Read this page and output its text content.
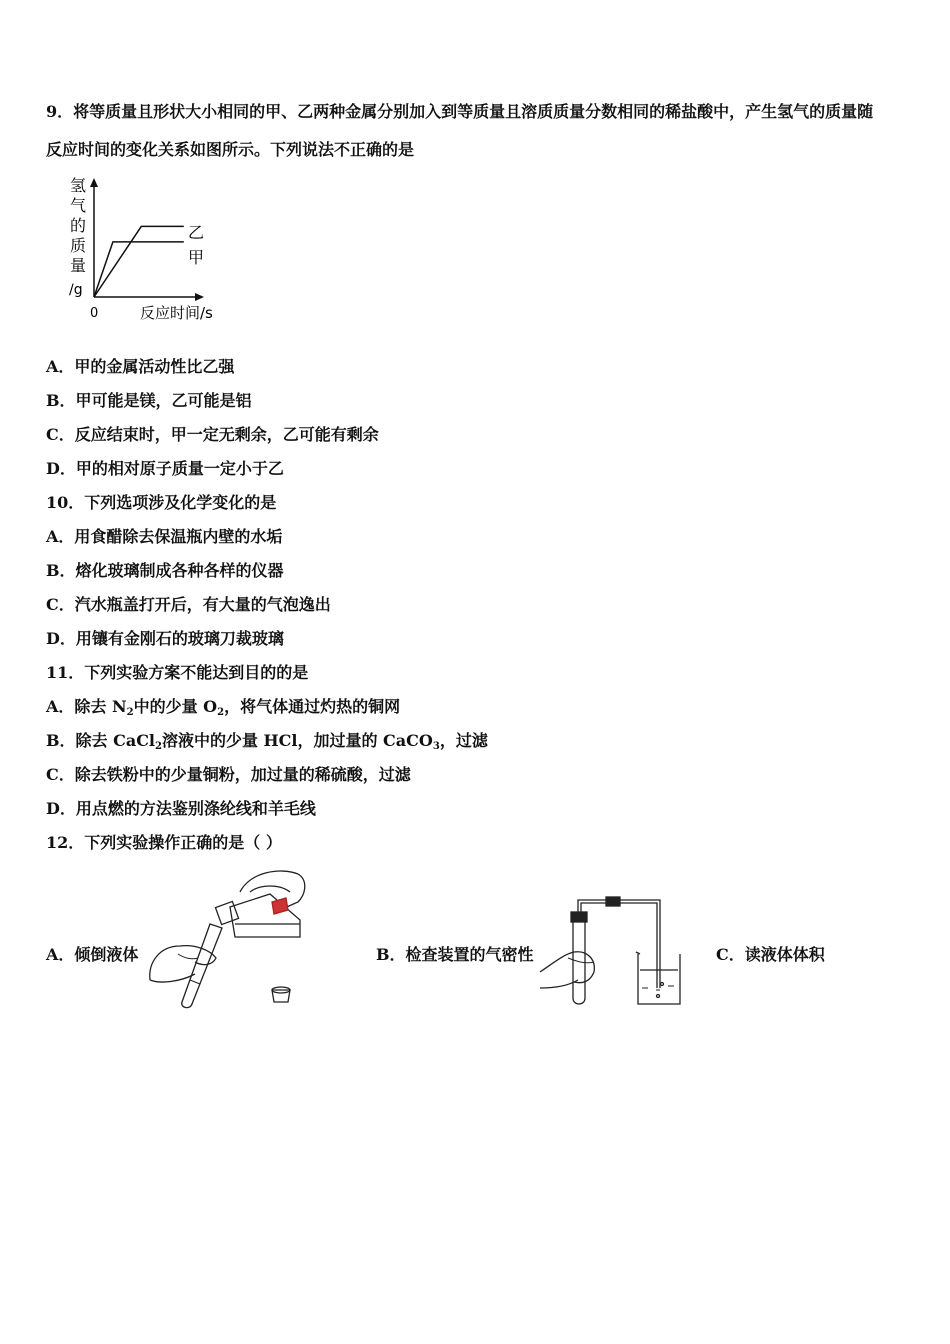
9．将等质量且形状大小相同的甲、乙两种金属分别加入到等质量且溶质质量分数相同的稀盐酸中，产生氢气的质量随
反应时间的变化关系如图所示。下列说法不正确的是
氢
气
的
质
量
/g
乙
甲
0	反应时间/s
A．甲的金属活动性比乙强
B．甲可能是镁，乙可能是铝
C．反应结束时，甲一定无剩余，乙可能有剩余
D．甲的相对原子质量一定小于乙
10．下列选项涉及化学变化的是
A．用食醋除去保温瓶内壁的水垢
B．熔化玻璃制成各种各样的仪器
C．汽水瓶盖打开后，有大量的气泡逸出
D．用镶有金刚石的玻璃刀裁玻璃
11．下列实验方案不能达到目的的是
A．除去 $N_2$中的少量 $O_2$，将气体通过灼热的铜网
B．除去 CaCl$_2$溶液中的少量 HCl，加过量的 CaCO$_3$，过滤
C．除去铁粉中的少量铜粉，加过量的稀硫酸，过滤
D．用点燃的方法鉴别涤纶线和羊毛线
12．下列实验操作正确的是（ ）
A．倾倒液体	B．检查装置的气密性	C．读液体体积
